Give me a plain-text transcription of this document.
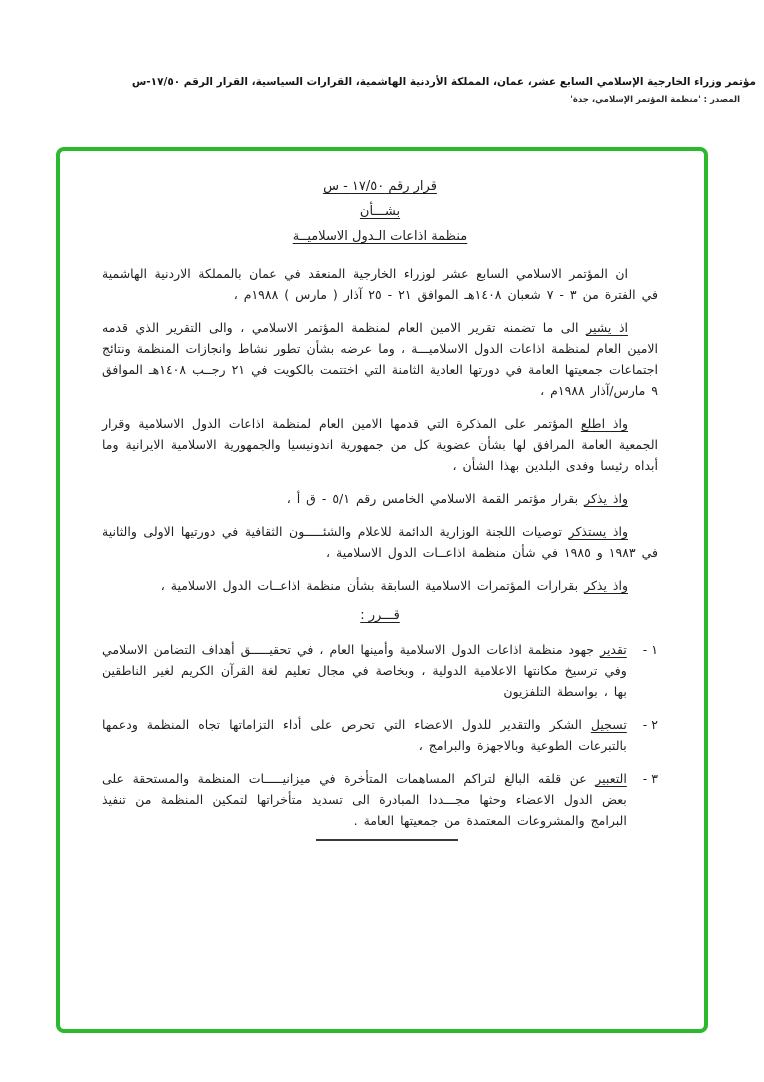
مؤتمر وزراء الخارجية الإسلامي السابع عشر، عمان، المملكة الأردنية الهاشمية، القرارات السياسية، القرار الرقم ١٧/٥٠-س
المصدر : 'منظمة المؤتمر الإسلامي، جدة'
قرار رقم ١٧/٥٠ - س
بشـــأن
منظمة اذاعات الـدول الاسلاميــة

ان المؤتمر الاسلامي السابع عشر لوزراء الخارجية المنعقد في عمان بالمملكة الاردنية الهاشمية في الفترة من ٣ - ٧ شعبان ١٤٠٨هـ الموافق ٢١ - ٢٥ آذار ( مارس ) ١٩٨٨م ،

اذ يشير الى ما تضمنه تقرير الامين العام لمنظمة المؤتمر الاسلامي ، والى التقرير الذي قدمه الامين العام لمنظمة اذاعات الدول الاسلاميـــة ، وما عرضه بشأن تطور نشاط وانجازات المنظمة ونتائج اجتماعات جمعيتها العامة في دورتها العادية الثامنة التي اختتمت بالكويت في ٢١ رجــب ١٤٠٨هـ الموافق ٩ مارس/آذار ١٩٨٨م ،

واذ اطلع المؤتمر على المذكرة التي قدمها الامين العام لمنظمة اذاعات الدول الاسلامية وقرار الجمعية العامة المرافق لها بشأن عضوية كل من جمهورية اندونيسيا والجمهورية الاسلامية الايرانية وما أبداه رئيسا وفدى البلدين بهذا الشأن ،

واذ يذكر بقرار مؤتمر القمة الاسلامي الخامس رقم ٥/١ - ق أ ،

واذ يستذكر توصيات اللجنة الوزارية الدائمة للاعلام والشئـــــون الثقافية في دورتيها الاولى والثانية في ١٩٨٣ و ١٩٨٥ في شأن منظمة اذاعــات الدول الاسلامية ،

واذ يذكر بقرارات المؤتمرات الاسلامية السابقة بشأن منظمة اذاعــات الدول الاسلامية ،

قـــرر :
١ -

تقدير جهود منظمة اذاعات الدول الاسلامية وأمينها العام ، في تحقيـــــق أهداف التضامن الاسلامي وفي ترسيخ مكانتها الاعلامية الدولية ، وبخاصة في مجال تعليم لغة القرآن الكريم لغير الناطقين بها ، بواسطة التلفزيون

٢ -

تسجيل الشكر والتقدير للدول الاعضاء التي تحرص على أداء التزاماتها تجاه المنظمة ودعمها بالتبرعات الطوعية وبالاجهزة والبرامج ،

٣ -

التعبير عن قلقه البالغ لتراكم المساهمات المتأخرة في ميزانيـــــات المنظمة والمستحقة على بعض الدول الاعضاء وحثها مجـــددا المبادرة الى تسديد متأخراتها لتمكين المنظمة من تنفيذ البرامج والمشروعات المعتمدة من جمعيتها العامة .
